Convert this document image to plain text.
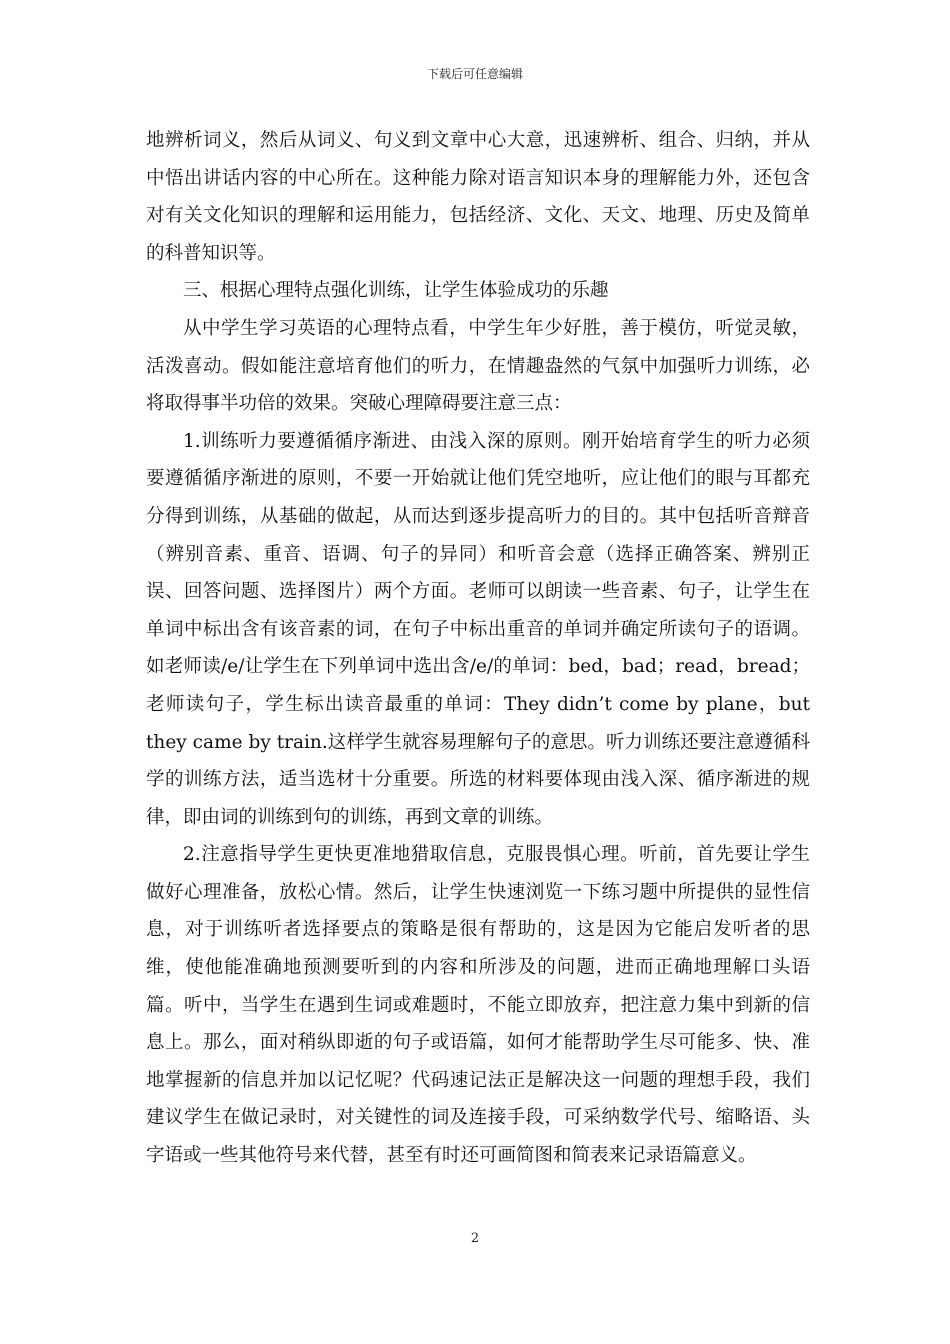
下载后可任意编辑

地辨析词义，然后从词义、句义到文章中心大意，迅速辨析、组合、归纳，并从中悟出讲话内容的中心所在。这种能力除对语言知识本身的理解能力外，还包含对有关文化知识的理解和运用能力，包括经济、文化、天文、地理、历史及简单的科普知识等。

三、根据心理特点强化训练，让学生体验成功的乐趣

从中学生学习英语的心理特点看，中学生年少好胜，善于模仿，听觉灵敏，活泼喜动。假如能注意培育他们的听力，在情趣盎然的气氛中加强听力训练，必将取得事半功倍的效果。突破心理障碍要注意三点：

1.训练听力要遵循循序渐进、由浅入深的原则。刚开始培育学生的听力必须要遵循循序渐进的原则，不要一开始就让他们凭空地听，应让他们的眼与耳都充分得到训练，从基础的做起，从而达到逐步提高听力的目的。其中包括听音辩音（辨别音素、重音、语调、句子的异同）和听音会意（选择正确答案、辨别正误、回答问题、选择图片）两个方面。老师可以朗读一些音素、句子，让学生在单词中标出含有该音素的词，在句子中标出重音的单词并确定所读句子的语调。如老师读/e/让学生在下列单词中选出含/e/的单词：bed，bad；read，bread；老师读句子，学生标出读音最重的单词：They didn’t come by plane，but they came by train.这样学生就容易理解句子的意思。听力训练还要注意遵循科学的训练方法，适当选材十分重要。所选的材料要体现由浅入深、循序渐进的规律，即由词的训练到句的训练，再到文章的训练。

2.注意指导学生更快更准地猎取信息，克服畏惧心理。听前，首先要让学生做好心理准备，放松心情。然后，让学生快速浏览一下练习题中所提供的显性信息，对于训练听者选择要点的策略是很有帮助的，这是因为它能启发听者的思维，使他能准确地预测要听到的内容和所涉及的问题，进而正确地理解口头语篇。听中，当学生在遇到生词或难题时，不能立即放弃，把注意力集中到新的信息上。那么，面对稍纵即逝的句子或语篇，如何才能帮助学生尽可能多、快、准地掌握新的信息并加以记忆呢？代码速记法正是解决这一问题的理想手段，我们建议学生在做记录时，对关键性的词及连接手段，可采纳数学代号、缩略语、头字语或一些其他符号来代替，甚至有时还可画简图和简表来记录语篇意义。

2
